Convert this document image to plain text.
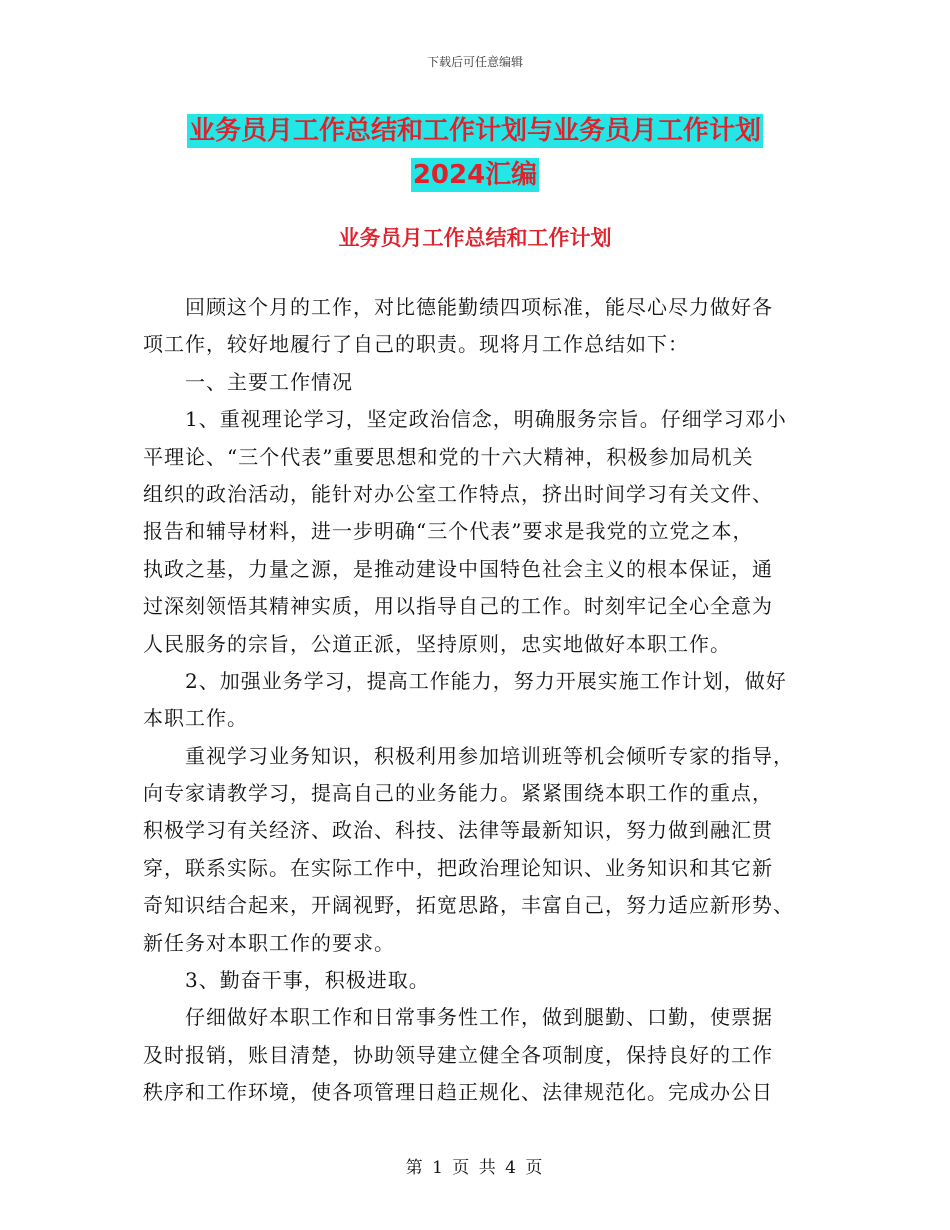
下载后可任意编辑
业务员月工作总结和工作计划与业务员月工作计划
2024汇编
业务员月工作总结和工作计划
　　回顾这个月的工作，对比德能勤绩四项标准，能尽心尽力做好各
项工作，较好地履行了自己的职责。现将月工作总结如下：
　　一、主要工作情况
　　1、重视理论学习，坚定政治信念，明确服务宗旨。仔细学习邓小
平理论、“三个代表”重要思想和党的十六大精神，积极参加局机关
组织的政治活动，能针对办公室工作特点，挤出时间学习有关文件、
报告和辅导材料，进一步明确“三个代表”要求是我党的立党之本，
执政之基，力量之源，是推动建设中国特色社会主义的根本保证，通
过深刻领悟其精神实质，用以指导自己的工作。时刻牢记全心全意为
人民服务的宗旨，公道正派，坚持原则，忠实地做好本职工作。
　　2、加强业务学习，提高工作能力，努力开展实施工作计划，做好
本职工作。
　　重视学习业务知识，积极利用参加培训班等机会倾听专家的指导，
向专家请教学习，提高自己的业务能力。紧紧围绕本职工作的重点，
积极学习有关经济、政治、科技、法律等最新知识，努力做到融汇贯
穿，联系实际。在实际工作中，把政治理论知识、业务知识和其它新
奇知识结合起来，开阔视野，拓宽思路，丰富自己，努力适应新形势、
新任务对本职工作的要求。
　　3、勤奋干事，积极进取。
　　仔细做好本职工作和日常事务性工作，做到腿勤、口勤，使票据
及时报销，账目清楚，协助领导建立健全各项制度，保持良好的工作
秩序和工作环境，使各项管理日趋正规化、法律规范化。完成办公日
第 1 页 共 4 页
